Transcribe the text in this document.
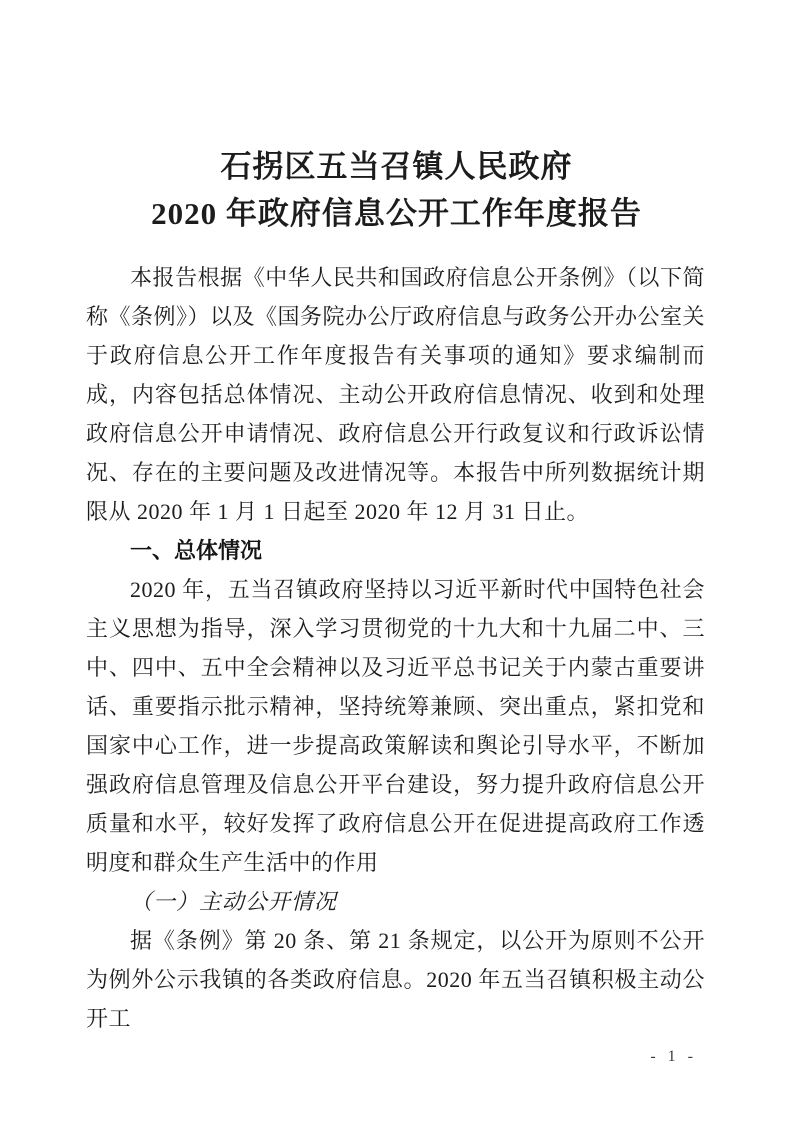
石拐区五当召镇人民政府
2020 年政府信息公开工作年度报告

本报告根据《中华人民共和国政府信息公开条例》（以下简称《条例》）以及《国务院办公厅政府信息与政务公开办公室关于政府信息公开工作年度报告有关事项的通知》要求编制而成，内容包括总体情况、主动公开政府信息情况、收到和处理政府信息公开申请情况、政府信息公开行政复议和行政诉讼情况、存在的主要问题及改进情况等。本报告中所列数据统计期限从 2020 年 1 月 1 日起至 2020 年 12 月 31 日止。

一、总体情况

2020 年，五当召镇政府坚持以习近平新时代中国特色社会主义思想为指导，深入学习贯彻党的十九大和十九届二中、三中、四中、五中全会精神以及习近平总书记关于内蒙古重要讲话、重要指示批示精神，坚持统筹兼顾、突出重点，紧扣党和国家中心工作，进一步提高政策解读和舆论引导水平，不断加强政府信息管理及信息公开平台建设，努力提升政府信息公开质量和水平，较好发挥了政府信息公开在促进提高政府工作透明度和群众生产生活中的作用

（一）主动公开情况

据《条例》第 20 条、第 21 条规定，以公开为原则不公开为例外公示我镇的各类政府信息。2020 年五当召镇积极主动公开工

- 1 -
